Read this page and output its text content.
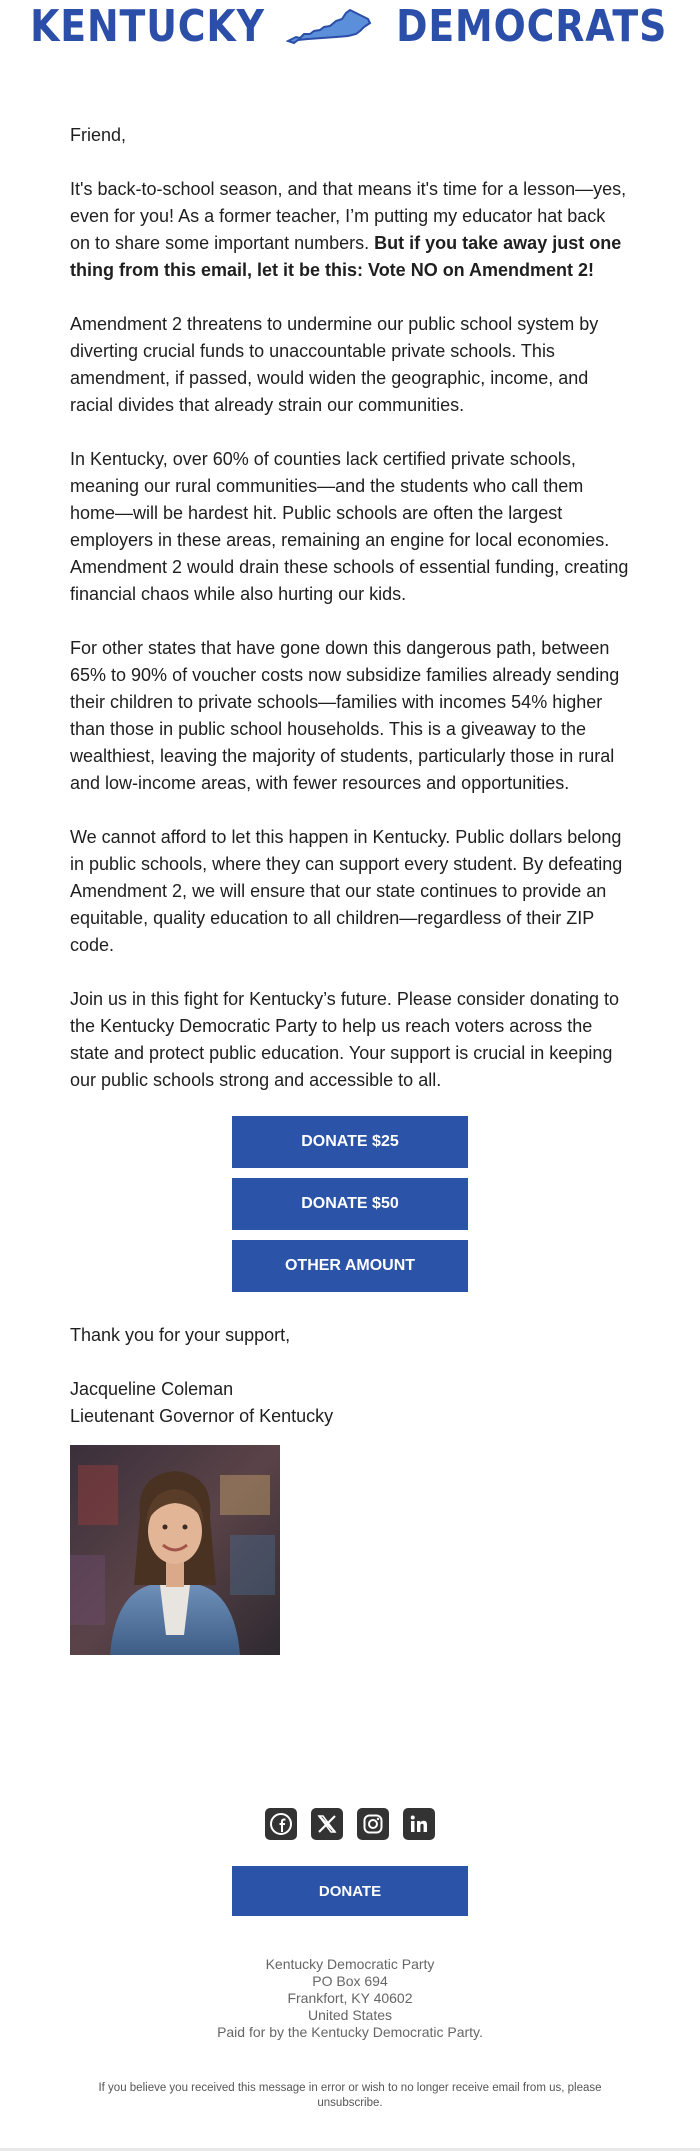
KENTUCKY	DEMOCRATS

Friend,

It's back-to-school season, and that means it's time for a lesson—yes, even for you! As a former teacher, I’m putting my educator hat back on to share some important numbers. But if you take away just one thing from this email, let it be this: Vote NO on Amendment 2!

Amendment 2 threatens to undermine our public school system by diverting crucial funds to unaccountable private schools. This amendment, if passed, would widen the geographic, income, and racial divides that already strain our communities.

In Kentucky, over 60% of counties lack certified private schools, meaning our rural communities—and the students who call them home—will be hardest hit. Public schools are often the largest employers in these areas, remaining an engine for local economies. Amendment 2 would drain these schools of essential funding, creating financial chaos while also hurting our kids.

For other states that have gone down this dangerous path, between 65% to 90% of voucher costs now subsidize families already sending their children to private schools—families with incomes 54% higher than those in public school households. This is a giveaway to the wealthiest, leaving the majority of students, particularly those in rural and low-income areas, with fewer resources and opportunities.

We cannot afford to let this happen in Kentucky. Public dollars belong in public schools, where they can support every student. By defeating Amendment 2, we will ensure that our state continues to provide an equitable, quality education to all children—regardless of their ZIP code.

Join us in this fight for Kentucky’s future. Please consider donating to the Kentucky Democratic Party to help us reach voters across the state and protect public education. Your support is crucial in keeping our public schools strong and accessible to all.

DONATE $25
DONATE $50
OTHER AMOUNT
Thank you for your support,
Jacqueline Coleman
Lieutenant Governor of Kentucky
DONATE
Kentucky Democratic Party
PO Box 694
Frankfort, KY 40602
United States
Paid for by the Kentucky Democratic Party.
If you believe you received this message in error or wish to no longer receive email from us, please unsubscribe.
